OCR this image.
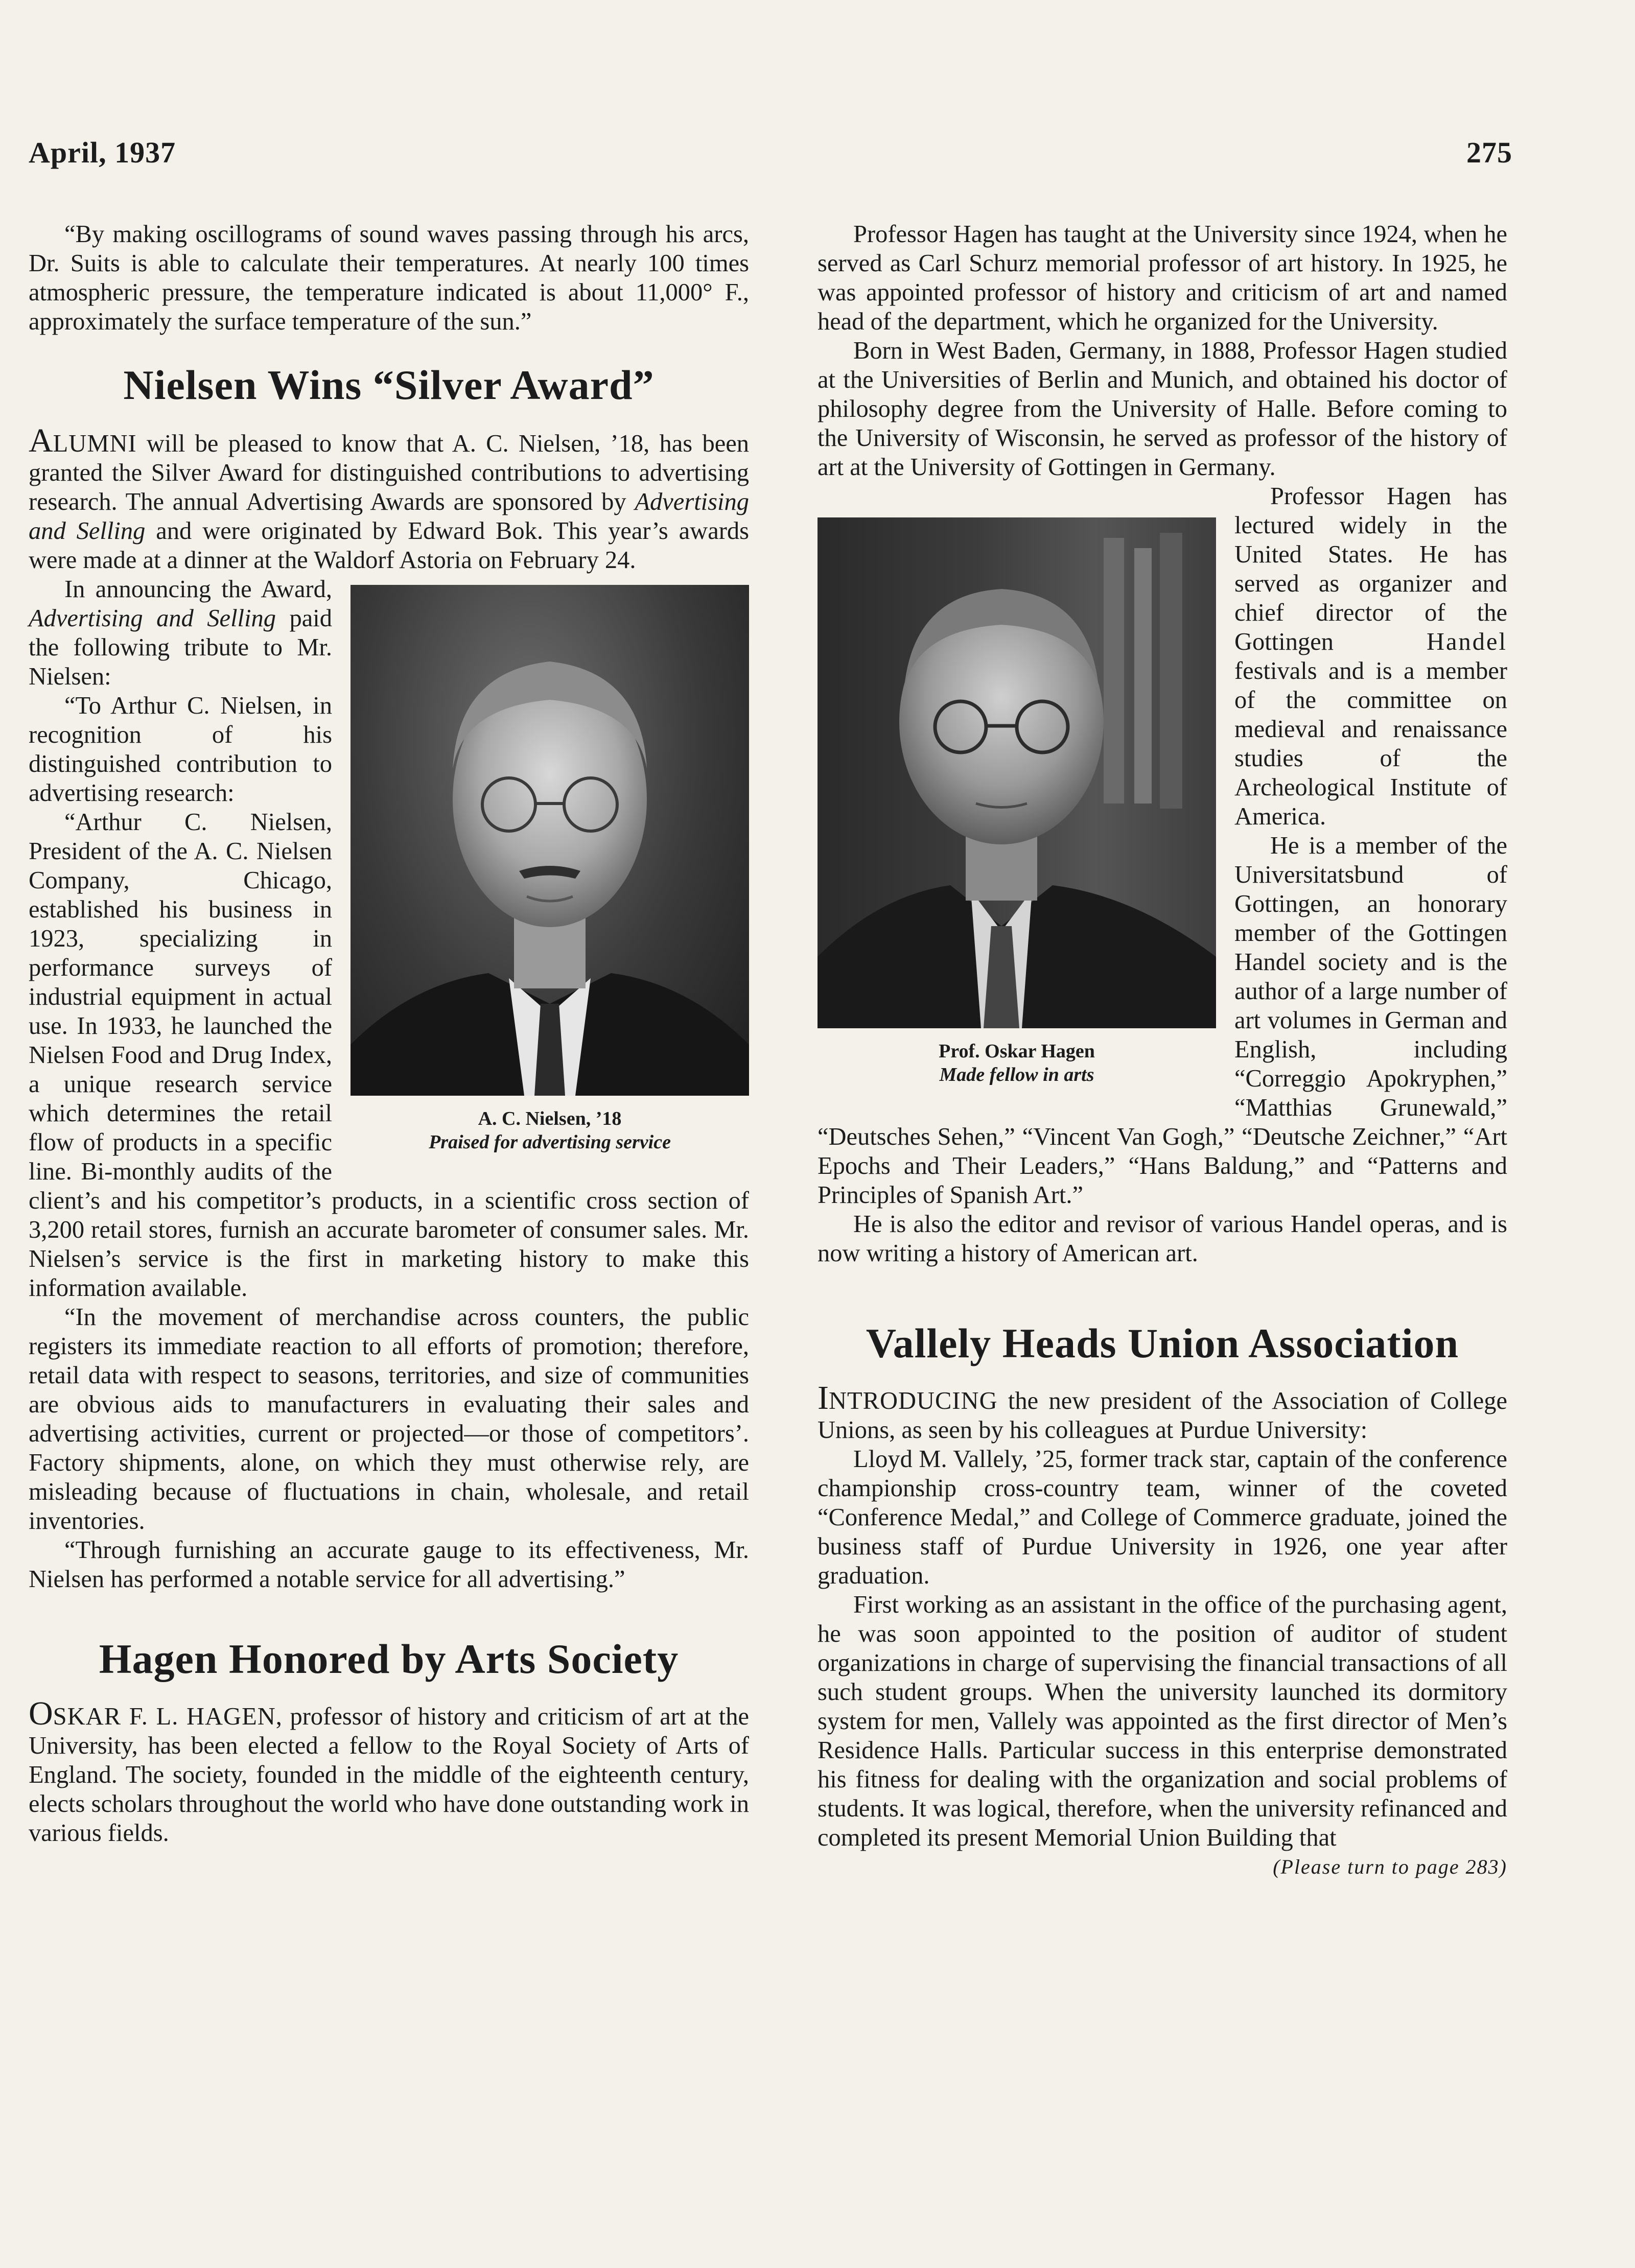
April, 1937	275

“By making oscillograms of sound waves passing through his arcs, Dr. Suits is able to calculate their temperatures. At nearly 100 times atmospheric pressure, the temperature indicated is about 11,000° F., approximately the surface temperature of the sun.”

Nielsen Wins “Silver Award”

ALUMNI will be pleased to know that A. C. Nielsen, ’18, has been granted the Silver Award for distinguished contributions to advertising research. The annual Advertising Awards are sponsored by Advertising and Selling and were originated by Edward Bok. This year’s awards were made at a dinner at the Waldorf Astoria on February 24.

A. C. Nielsen, ’18
Praised for advertising service

In announcing the Award, Advertising and Selling paid the following tribute to Mr. Nielsen:

“To Arthur C. Nielsen, in recognition of his distinguished contribution to advertising research:

“Arthur C. Nielsen, President of the A. C. Nielsen Company, Chicago, established his business in 1923, specializing in performance surveys of industrial equipment in actual use. In 1933, he launched the Nielsen Food and Drug Index, a unique research service which determines the retail flow of products in a specific line. Bi-monthly audits of the client’s and his competitor’s products, in a scientific cross section of 3,200 retail stores, furnish an accurate barometer of consumer sales. Mr. Nielsen’s service is the first in marketing history to make this information available.

“In the movement of merchandise across counters, the public registers its immediate reaction to all efforts of promotion; therefore, retail data with respect to seasons, territories, and size of communities are obvious aids to manufacturers in evaluating their sales and advertising activities, current or projected—or those of competitors’. Factory shipments, alone, on which they must otherwise rely, are misleading because of fluctuations in chain, wholesale, and retail inventories.

“Through furnishing an accurate gauge to its effectiveness, Mr. Nielsen has performed a notable service for all advertising.”

Hagen Honored by Arts Society

OSKAR F. L. HAGEN, professor of history and criticism of art at the University, has been elected a fellow to the Royal Society of Arts of England. The society, founded in the middle of the eighteenth century, elects scholars throughout the world who have done outstanding work in various fields.

Professor Hagen has taught at the University since 1924, when he served as Carl Schurz memorial professor of art history. In 1925, he was appointed professor of history and criticism of art and named head of the department, which he organized for the University.

Born in West Baden, Germany, in 1888, Professor Hagen studied at the Universities of Berlin and Munich, and obtained his doctor of philosophy degree from the University of Halle. Before coming to the University of Wisconsin, he served as professor of the history of art at the University of Gottingen in Germany.

Prof. Oskar Hagen
Made fellow in arts

Professor Hagen has lectured widely in the United States. He has served as organizer and chief director of the Gottingen Handel festivals and is a member of the committee on medieval and renaissance studies of the Archeological Institute of America.

He is a member of the Universitatsbund of Gottingen, an honorary member of the Gottingen Handel society and is the author of a large number of art volumes in German and English, including “Correggio Apokryphen,” “Matthias Grunewald,” “Deutsches Sehen,” “Vincent Van Gogh,” “Deutsche Zeichner,” “Art Epochs and Their Leaders,” “Hans Baldung,” and “Patterns and Principles of Spanish Art.”

He is also the editor and revisor of various Handel operas, and is now writing a history of American art.

Vallely Heads Union Association

INTRODUCING the new president of the Association of College Unions, as seen by his colleagues at Purdue University:

Lloyd M. Vallely, ’25, former track star, captain of the conference championship cross-country team, winner of the coveted “Conference Medal,” and College of Commerce graduate, joined the business staff of Purdue University in 1926, one year after graduation.

First working as an assistant in the office of the purchasing agent, he was soon appointed to the position of auditor of student organizations in charge of supervising the financial transactions of all such student groups. When the university launched its dormitory system for men, Vallely was appointed as the first director of Men’s Residence Halls. Particular success in this enterprise demonstrated his fitness for dealing with the organization and social problems of students. It was logical, therefore, when the university refinanced and completed its present Memorial Union Building that
(Please turn to page 283)
